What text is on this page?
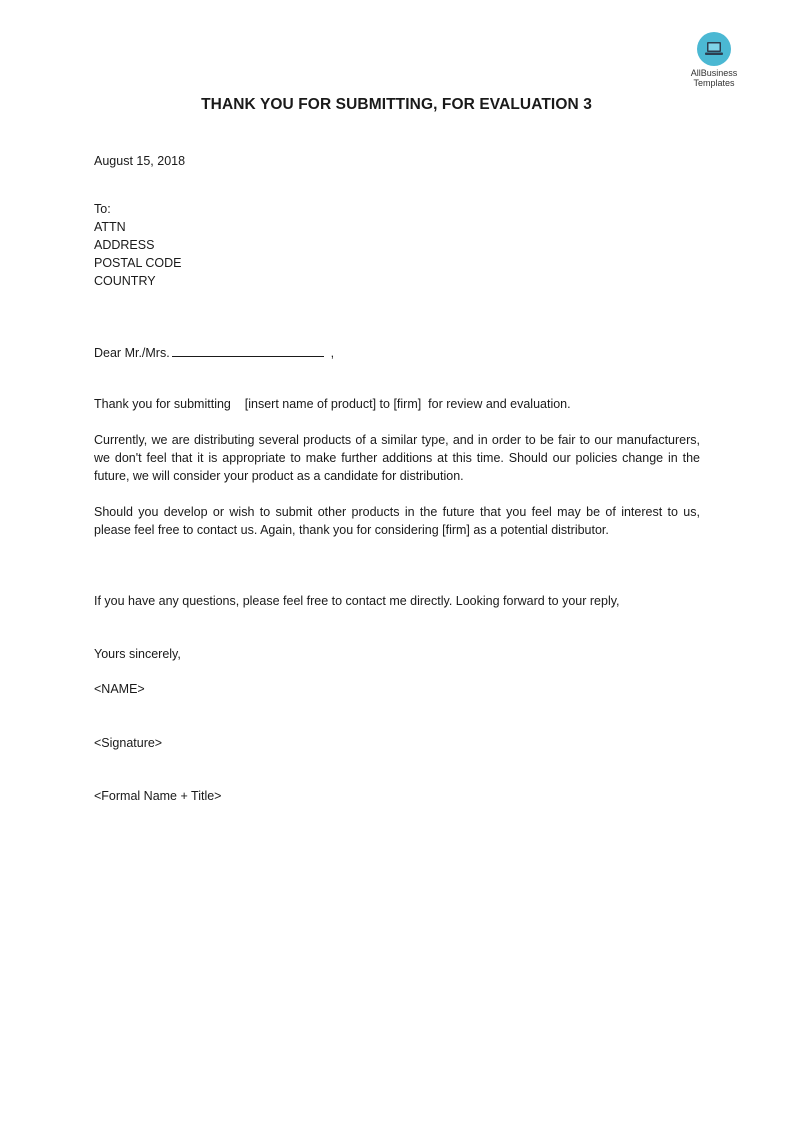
AllBusiness
Templates
THANK YOU FOR SUBMITTING, FOR EVALUATION 3
August 15, 2018
To:
ATTN
ADDRESS
POSTAL CODE
COUNTRY
Dear Mr./Mrs.	,
Thank you for submitting    [insert name of product] to [firm]  for review and evaluation.
Currently, we are distributing several products of a similar type, and in order to be fair to our manufacturers, we don't feel that it is appropriate to make further additions at this time. Should our policies change in the future, we will consider your product as a candidate for distribution.
Should you develop or wish to submit other products in the future that you feel may be of interest to us, please feel free to contact us. Again, thank you for considering [firm] as a potential distributor.
If you have any questions, please feel free to contact me directly. Looking forward to your reply,
Yours sincerely,
<NAME>
<Signature>
<Formal Name + Title>
